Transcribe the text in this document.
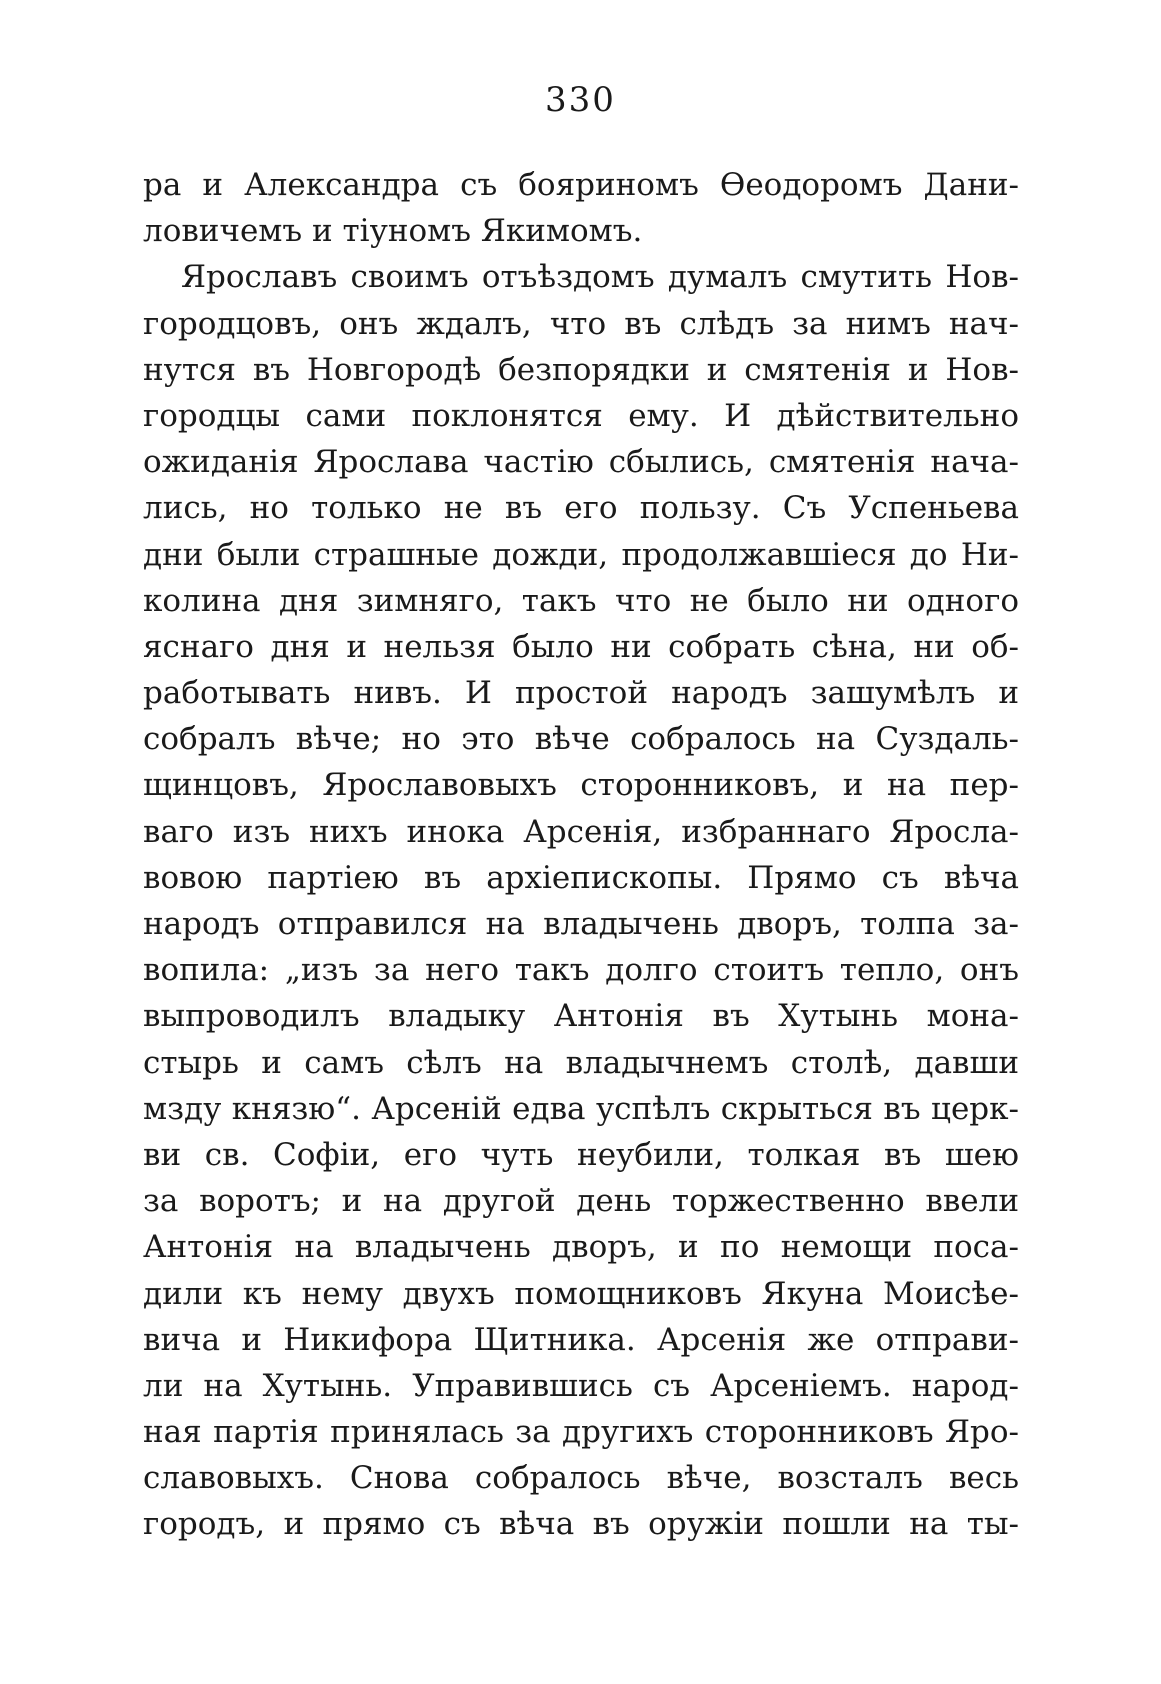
330
ра и Александра съ бояриномъ Ѳеодоромъ Дани-
ловичемъ и тіуномъ Якимомъ.
Ярославъ своимъ отъѣздомъ думалъ смутить Нов-
городцовъ, онъ ждалъ, что въ слѣдъ за нимъ нач-
нутся въ Новгородѣ безпорядки и смятенія и Нов-
городцы сами поклонятся ему. И дѣйствительно
ожиданія Ярослава частію сбылись, смятенія нача-
лись, но только не въ его пользу. Съ Успеньева
дни были страшные дожди, продолжавшіеся до Ни-
колина дня зимняго, такъ что не было ни одного
яснаго дня и нельзя было ни собрать сѣна, ни об-
работывать нивъ. И простой народъ зашумѣлъ и
собралъ вѣче; но это вѣче собралось на Суздаль-
щинцовъ, Ярославовыхъ сторонниковъ, и на пер-
ваго изъ нихъ инока Арсенія, избраннаго Яросла-
вовою партіею въ архіепископы. Прямо съ вѣча
народъ отправился на владычень дворъ, толпа за-
вопила: „изъ за него такъ долго стоитъ тепло, онъ
выпроводилъ владыку Антонія въ Хутынь мона-
стырь и самъ сѣлъ на владычнемъ столѣ, давши
мзду князю“. Арсеній едва успѣлъ скрыться въ церк-
ви св. Софіи, его чуть неубили, толкая въ шею
за воротъ; и на другой день торжественно ввели
Антонія на владычень дворъ, и по немощи поса-
дили къ нему двухъ помощниковъ Якуна Моисѣе-
вича и Никифора Щитника. Арсенія же отправи-
ли на Хутынь. Управившись съ Арсеніемъ. народ-
ная партія принялась за другихъ сторонниковъ Яро-
славовыхъ. Снова собралось вѣче, возсталъ весь
городъ, и прямо съ вѣча въ оружіи пошли на ты-
